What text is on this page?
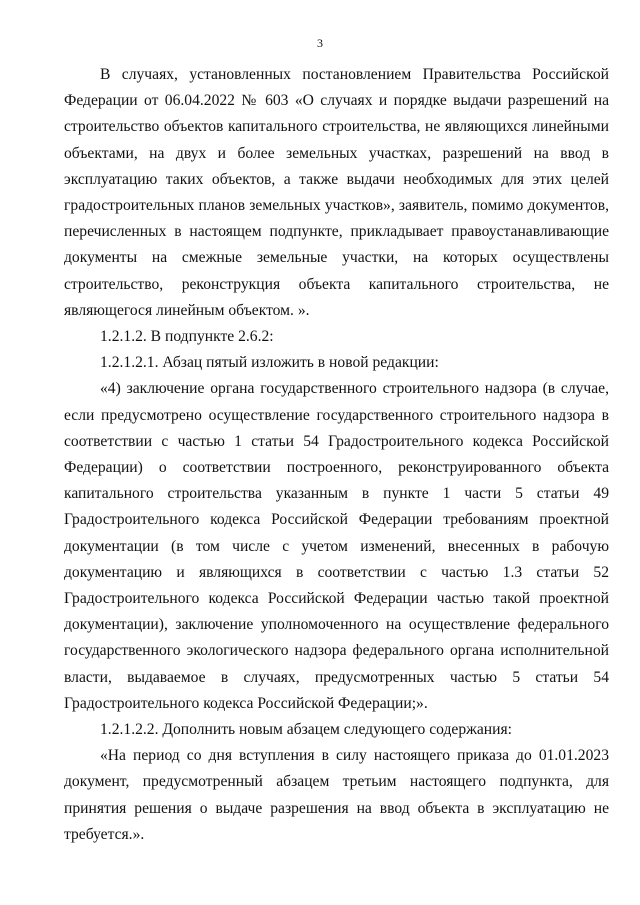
3

В случаях, установленных постановлением Правительства Российской Федерации от 06.04.2022 № 603 «О случаях и порядке выдачи разрешений на строительство объектов капитального строительства, не являющихся линейными объектами, на двух и более земельных участках, разрешений на ввод в эксплуатацию таких объектов, а также выдачи необходимых для этих целей градостроительных планов земельных участков», заявитель, помимо документов, перечисленных в настоящем подпункте, прикладывает правоустанавливающие документы на смежные земельные участки, на которых осуществлены строительство, реконструкция объекта капитального строительства, не являющегося линейным объектом. ».

1.2.1.2. В подпункте 2.6.2:

1.2.1.2.1. Абзац пятый изложить в новой редакции:

«4) заключение органа государственного строительного надзора (в случае, если предусмотрено осуществление государственного строительного надзора в соответствии с частью 1 статьи 54 Градостроительного кодекса Российской Федерации) о соответствии построенного, реконструированного объекта капитального строительства указанным в пункте 1 части 5 статьи 49 Градостроительного кодекса Российской Федерации требованиям проектной документации (в том числе с учетом изменений, внесенных в рабочую документацию и являющихся в соответствии с частью 1.3 статьи 52 Градостроительного кодекса Российской Федерации частью такой проектной документации), заключение уполномоченного на осуществление федерального государственного экологического надзора федерального органа исполнительной власти, выдаваемое в случаях, предусмотренных частью 5 статьи 54 Градостроительного кодекса Российской Федерации;».

1.2.1.2.2. Дополнить новым абзацем следующего содержания:

«На период со дня вступления в силу настоящего приказа до 01.01.2023 документ, предусмотренный абзацем третьим настоящего подпункта, для принятия решения о выдаче разрешения на ввод объекта в эксплуатацию не требуется.».
